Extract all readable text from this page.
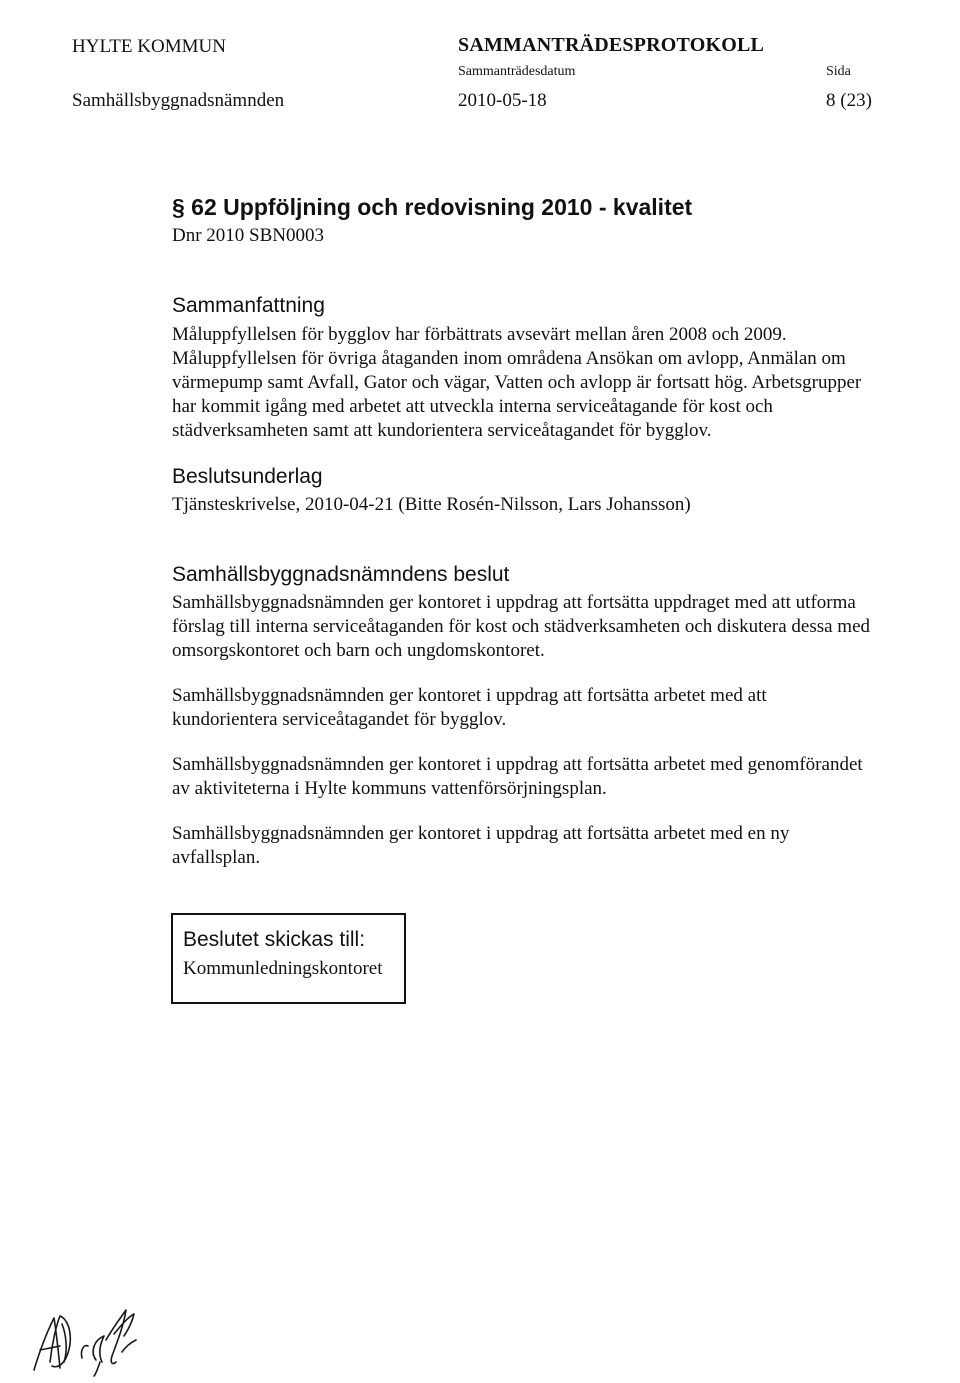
HYLTE KOMMUN
Samhällsbyggnadsnämnden
SAMMANTRÄDESPROTOKOLL
Sammanträdesdatum
2010-05-18
Sida
8 (23)
§ 62 Uppföljning och redovisning 2010 - kvalitet
Dnr 2010 SBN0003
Sammanfattning
Måluppfyllelsen för bygglov har förbättrats avsevärt mellan åren 2008 och 2009.
Måluppfyllelsen för övriga åtaganden inom områdena Ansökan om avlopp, Anmälan om
värmepump samt Avfall, Gator och vägar, Vatten och avlopp är fortsatt hög. Arbetsgrupper
har kommit igång med arbetet att utveckla interna serviceåtagande för kost och
städverksamheten samt att kundorientera serviceåtagandet för bygglov.
Beslutsunderlag
Tjänsteskrivelse, 2010-04-21 (Bitte Rosén-Nilsson, Lars Johansson)
Samhällsbyggnadsnämndens beslut
Samhällsbyggnadsnämnden ger kontoret i uppdrag att fortsätta uppdraget med att utforma
förslag till interna serviceåtaganden för kost och städverksamheten och diskutera dessa med
omsorgskontoret och barn och ungdomskontoret.
Samhällsbyggnadsnämnden ger kontoret i uppdrag att fortsätta arbetet med att
kundorientera serviceåtagandet för bygglov.
Samhällsbyggnadsnämnden ger kontoret i uppdrag att fortsätta arbetet med genomförandet
av aktiviteterna i Hylte kommuns vattenförsörjningsplan.
Samhällsbyggnadsnämnden ger kontoret i uppdrag att fortsätta arbetet med en ny
avfallsplan.
Beslutet skickas till:
Kommunledningskontoret
